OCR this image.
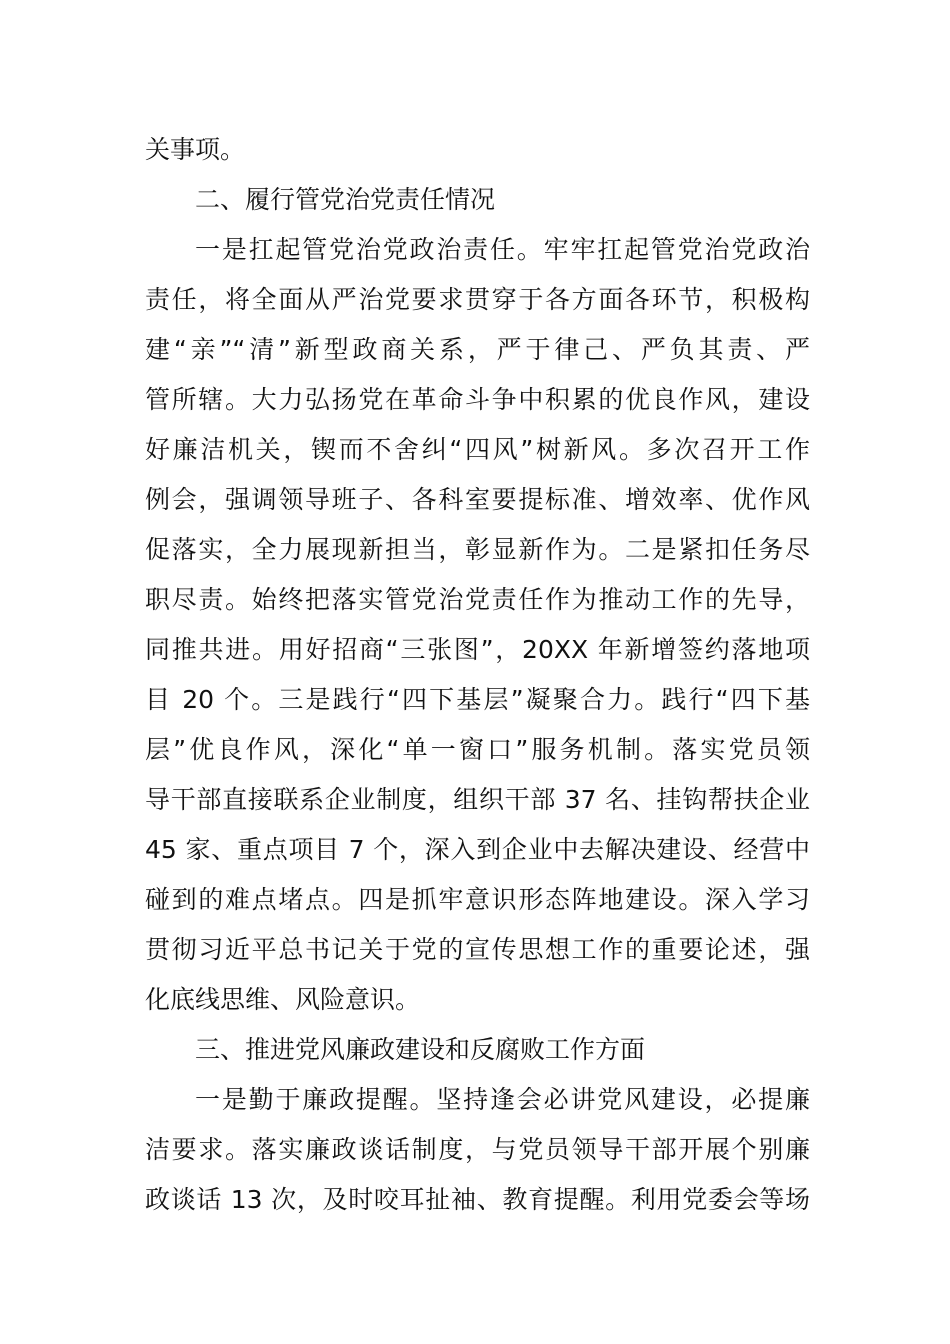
关事项。
二、履行管党治党责任情况
一是扛起管党治党政治责任。牢牢扛起管党治党政治
责任，将全面从严治党要求贯穿于各方面各环节，积极构
建“亲”“清”新型政商关系，严于律己、严负其责、严
管所辖。大力弘扬党在革命斗争中积累的优良作风，建设
好廉洁机关，锲而不舍纠“四风”树新风。多次召开工作
例会，强调领导班子、各科室要提标准、增效率、优作风
促落实，全力展现新担当，彰显新作为。二是紧扣任务尽
职尽责。始终把落实管党治党责任作为推动工作的先导，
同推共进。用好招商“三张图”，20XX 年新增签约落地项
目 20 个。三是践行“四下基层”凝聚合力。践行“四下基
层”优良作风，深化“单一窗口”服务机制。落实党员领
导干部直接联系企业制度，组织干部 37 名、挂钩帮扶企业
45 家、重点项目 7 个，深入到企业中去解决建设、经营中
碰到的难点堵点。四是抓牢意识形态阵地建设。深入学习
贯彻习近平总书记关于党的宣传思想工作的重要论述，强
化底线思维、风险意识。
三、推进党风廉政建设和反腐败工作方面
一是勤于廉政提醒。坚持逢会必讲党风建设，必提廉
洁要求。落实廉政谈话制度，与党员领导干部开展个别廉
政谈话 13 次，及时咬耳扯袖、教育提醒。利用党委会等场
